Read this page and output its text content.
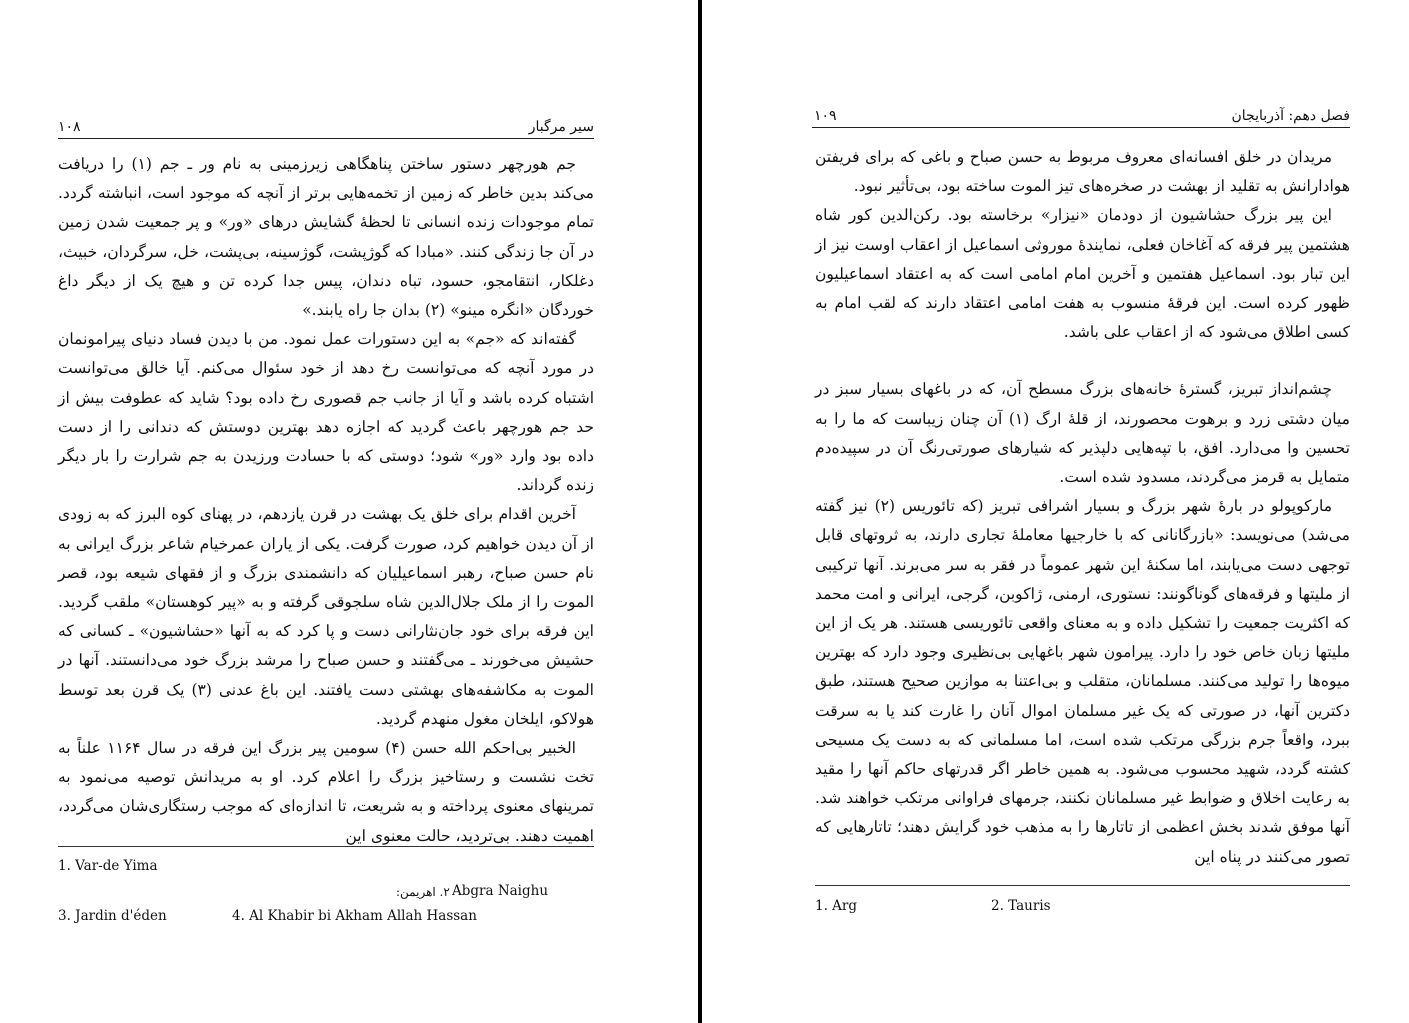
سیر مرگبار
۱۰۸

جم هورچهر دستور ساختن پناهگاهی زیرزمینی به نام ور ـ جم (۱) را دریافت می‌کند بدین خاطر که زمین از تخمه‌هایی برتر از آنچه که موجود است، انباشته گردد. تمام موجودات زنده انسانی تا لحظهٔ گشایش درهای «ور» و پر جمعیت شدن زمین در آن جا زندگی کنند. «مبادا که گوژپشت، گوژسینه، بی‌پشت، خل، سرگردان، خبیث، دغلکار، انتقامجو، حسود، تباه دندان، پیس جدا کرده تن و هیچ یک از دیگر داغ خوردگان «انگره مینو» (۲) بدان جا راه یابند.»

گفته‌اند که «جم» به این دستورات عمل نمود. من با دیدن فساد دنیای پیرامونمان در مورد آنچه که می‌توانست رخ دهد از خود سئوال می‌کنم. آیا خالق می‌توانست اشتباه کرده باشد و آیا از جانب جم قصوری رخ داده بود؟ شاید که عطوفت بیش از حد جم هورچهر باعث گردید که اجازه دهد بهترین دوستش که دندانی را از دست داده بود وارد «ور» شود؛ دوستی که با حسادت ورزیدن به جم شرارت را بار دیگر زنده گرداند.

آخرین اقدام برای خلق یک بهشت در قرن یازدهم، در پهنای کوه البرز که به زودی از آن دیدن خواهیم کرد، صورت گرفت. یکی از یاران عمرخیام شاعر بزرگ ایرانی به نام حسن صباح، رهبر اسماعیلیان که دانشمندی بزرگ و از فقهای شیعه بود، قصر الموت را از ملک جلال‌الدین شاه سلجوقی گرفته و به «پیر کوهستان» ملقب گردید. این فرقه برای خود جان‌نثارانی دست و پا کرد که به آنها «حشاشیون» ـ کسانی که حشیش می‌خورند ـ می‌گفتند و حسن صباح را مرشد بزرگ خود می‌دانستند. آنها در الموت به مکاشفه‌های بهشتی دست یافتند. این باغ عدنی (۳) یک قرن بعد توسط هولاکو، ایلخان مغول منهدم گردید.

الخبیر بی‌احکم الله حسن (۴) سومین پیر بزرگ این فرقه در سال ۱۱۶۴ علناً به تخت نشست و رستاخیز بزرگ را اعلام کرد. او به مریدانش توصیه می‌نمود به تمرینهای معنوی پرداخته و به شریعت، تا اندازه‌ای که موجب رستگاری‌شان می‌گردد، اهمیت دهند. بی‌تردید، حالت معنوی این

1. Var-de Yima
Abgra Naighu
۲. اهریمن:
3. Jardin d'éden	4. Al Khabir bi Akham Allah Hassan
فصل دهم: آذربایجان
۱۰۹

مریدان در خلق افسانه‌ای معروف مربوط به حسن صباح و باغی که برای فریفتن هوادارانش به تقلید از بهشت در صخره‌های تیز الموت ساخته بود، بی‌تأثیر نبود.

این پیر بزرگ حشاشیون از دودمان «نیزار» برخاسته بود. رکن‌الدین کور شاه هشتمین پیر فرقه که آغاخان فعلی، نمایندهٔ موروثی اسماعیل از اعقاب اوست نیز از این تبار بود. اسماعیل هفتمین و آخرین امام امامی است که به اعتقاد اسماعیلیون ظهور کرده است. این فرقهٔ منسوب به هفت امامی اعتقاد دارند که لقب امام به کسی اطلاق می‌شود که از اعقاب علی باشد.

چشم‌انداز تبریز، گسترهٔ خانه‌های بزرگ مسطح آن، که در باغهای بسیار سبز در میان دشتی زرد و برهوت محصورند، از قلهٔ ارگ (۱) آن چنان زیباست که ما را به تحسین وا می‌دارد. افق، با تپه‌هایی دلپذیر که شیارهای صورتی‌رنگ آن در سپیده‌دم متمایل به قرمز می‌گردند، مسدود شده است.

مارکوپولو در بارهٔ شهر بزرگ و بسیار اشرافی تبریز (که تائوریس (۲) نیز گفته می‌شد) می‌نویسد: «بازرگانانی که با خارجیها معاملهٔ تجاری دارند، به ثروتهای قابل توجهی دست می‌یابند، اما سکنهٔ این شهر عموماً در فقر به سر می‌برند. آنها ترکیبی از ملیتها و فرقه‌های گوناگونند: نستوری، ارمنی، ژاکوبن، گرجی، ایرانی و امت محمد که اکثریت جمعیت را تشکیل داده و به معنای واقعی تائوریسی هستند. هر یک از این ملیتها زبان خاص خود را دارد. پیرامون شهر باغهایی بی‌نظیری وجود دارد که بهترین میوه‌ها را تولید می‌کنند. مسلمانان، متقلب و بی‌اعتنا به موازین صحیح هستند، طبق دکترین آنها، در صورتی که یک غیر مسلمان اموال آنان را غارت کند یا به سرقت ببرد، واقعاً جرم بزرگی مرتکب شده است، اما مسلمانی که به دست یک مسیحی کشته گردد، شهید محسوب می‌شود. به همین خاطر اگر قدرتهای حاکم آنها را مقید به رعایت اخلاق و ضوابط غیر مسلمانان نکنند، جرمهای فراوانی مرتکب خواهند شد. آنها موفق شدند بخش اعظمی از تاتارها را به مذهب خود گرایش دهند؛ تاتارهایی که تصور می‌کنند در پناه این

1. Arg	2. Tauris
